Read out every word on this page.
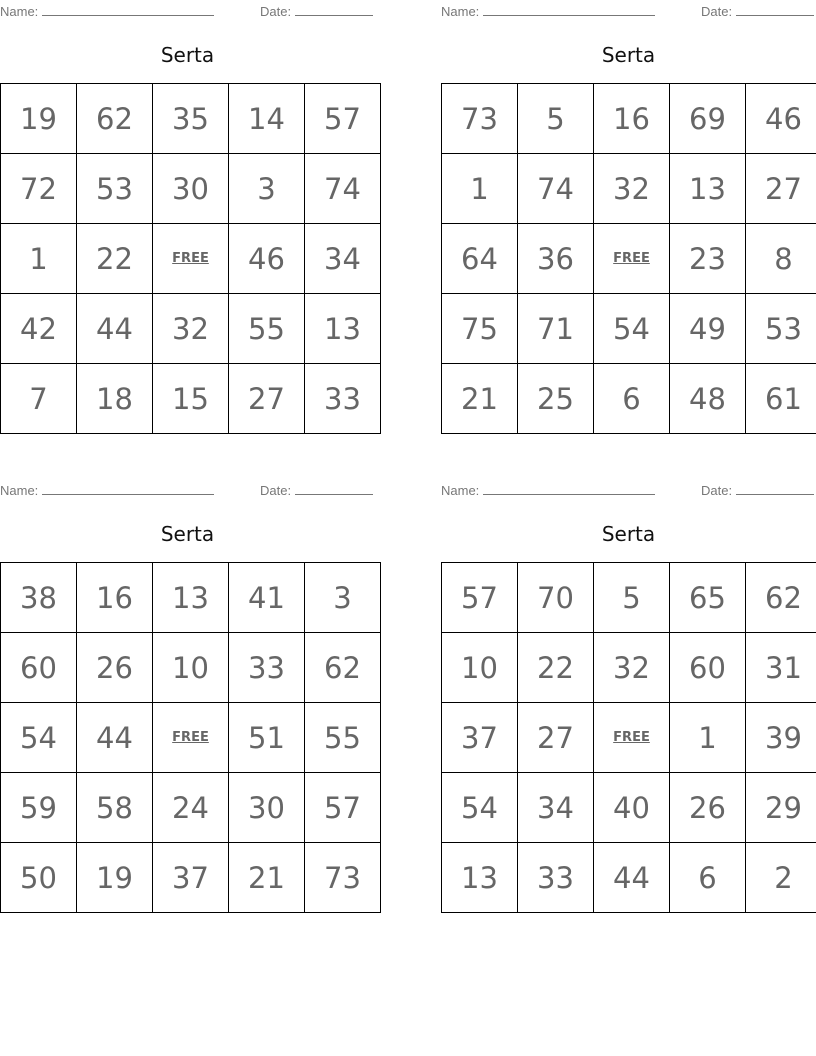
Name:	Date:
Serta
19	62	35	14	57
72	53	30	3	74
1	22	FREE	46	34
42	44	32	55	13
7	18	15	27	33
Name:	Date:
Serta
73	5	16	69	46
1	74	32	13	27
64	36	FREE	23	8
75	71	54	49	53
21	25	6	48	61
Name:	Date:
Serta
38	16	13	41	3
60	26	10	33	62
54	44	FREE	51	55
59	58	24	30	57
50	19	37	21	73
Name:	Date:
Serta
57	70	5	65	62
10	22	32	60	31
37	27	FREE	1	39
54	34	40	26	29
13	33	44	6	2
